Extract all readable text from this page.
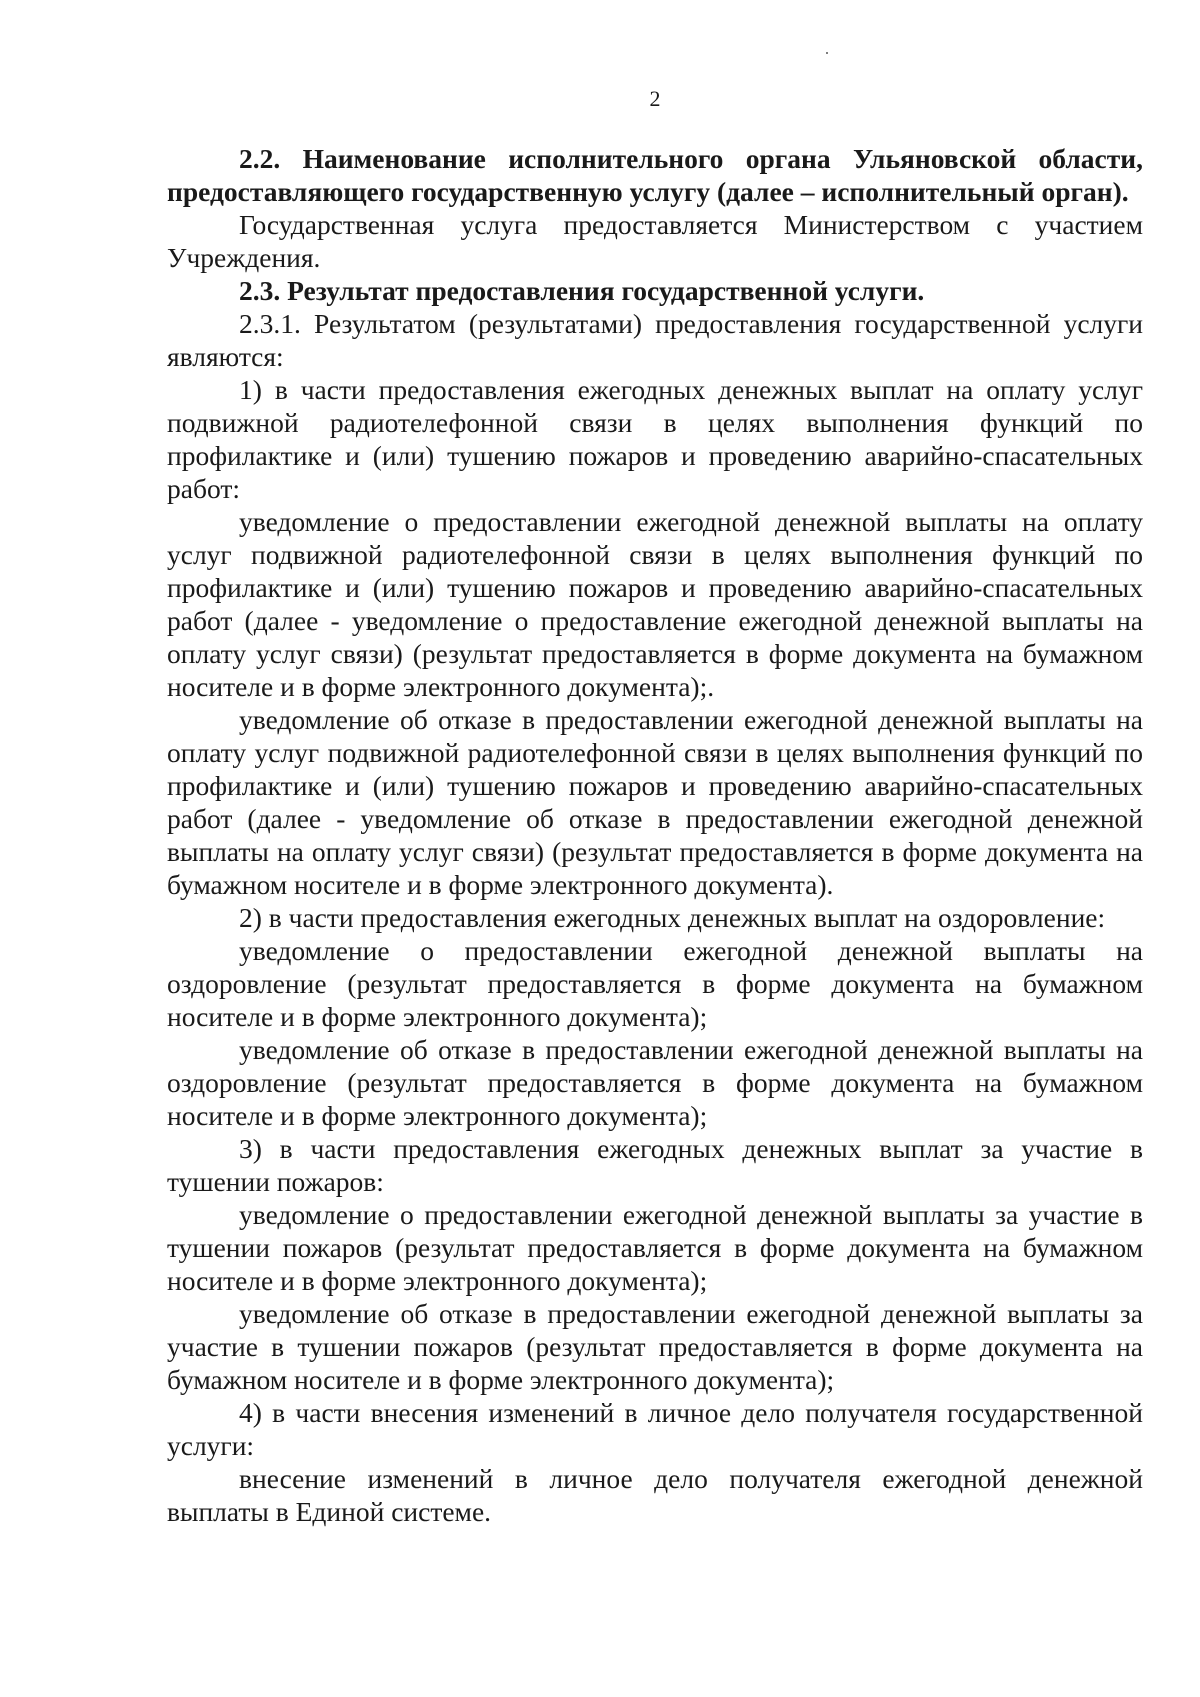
2

2.2. Наименование исполнительного органа Ульяновской области, предоставляющего государственную услугу (далее – исполнительный орган).

Государственная услуга предоставляется Министерством с участием Учреждения.

2.3. Результат предоставления государственной услуги.

2.3.1. Результатом (результатами) предоставления государственной услуги являются:

1) в части предоставления ежегодных денежных выплат на оплату услуг подвижной радиотелефонной связи в целях выполнения функций по профилактике и (или) тушению пожаров и проведению аварийно-спасательных работ:

уведомление о предоставлении ежегодной денежной выплаты на оплату услуг подвижной радиотелефонной связи в целях выполнения функций по профилактике и (или) тушению пожаров и проведению аварийно-спасательных работ (далее - уведомление о предоставление ежегодной денежной выплаты на оплату услуг связи) (результат предоставляется в форме документа на бумажном носителе и в форме электронного документа);.

уведомление об отказе в предоставлении ежегодной денежной выплаты на оплату услуг подвижной радиотелефонной связи в целях выполнения функций по профилактике и (или) тушению пожаров и проведению аварийно-спасательных работ (далее - уведомление об отказе в предоставлении ежегодной денежной выплаты на оплату услуг связи) (результат предоставляется в форме документа на бумажном носителе и в форме электронного документа).

2) в части предоставления ежегодных денежных выплат на оздоровление:

уведомление о предоставлении ежегодной денежной выплаты на оздоровление (результат предоставляется в форме документа на бумажном носителе и в форме электронного документа);

уведомление об отказе в предоставлении ежегодной денежной выплаты на оздоровление (результат предоставляется в форме документа на бумажном носителе и в форме электронного документа);

3) в части предоставления ежегодных денежных выплат за участие в тушении пожаров:

уведомление о предоставлении ежегодной денежной выплаты за участие в тушении пожаров (результат предоставляется в форме документа на бумажном носителе и в форме электронного документа);

уведомление об отказе в предоставлении ежегодной денежной выплаты за участие в тушении пожаров (результат предоставляется в форме документа на бумажном носителе и в форме электронного документа);

4) в части внесения изменений в личное дело получателя государственной услуги:

внесение изменений в личное дело получателя ежегодной денежной выплаты в Единой системе.
